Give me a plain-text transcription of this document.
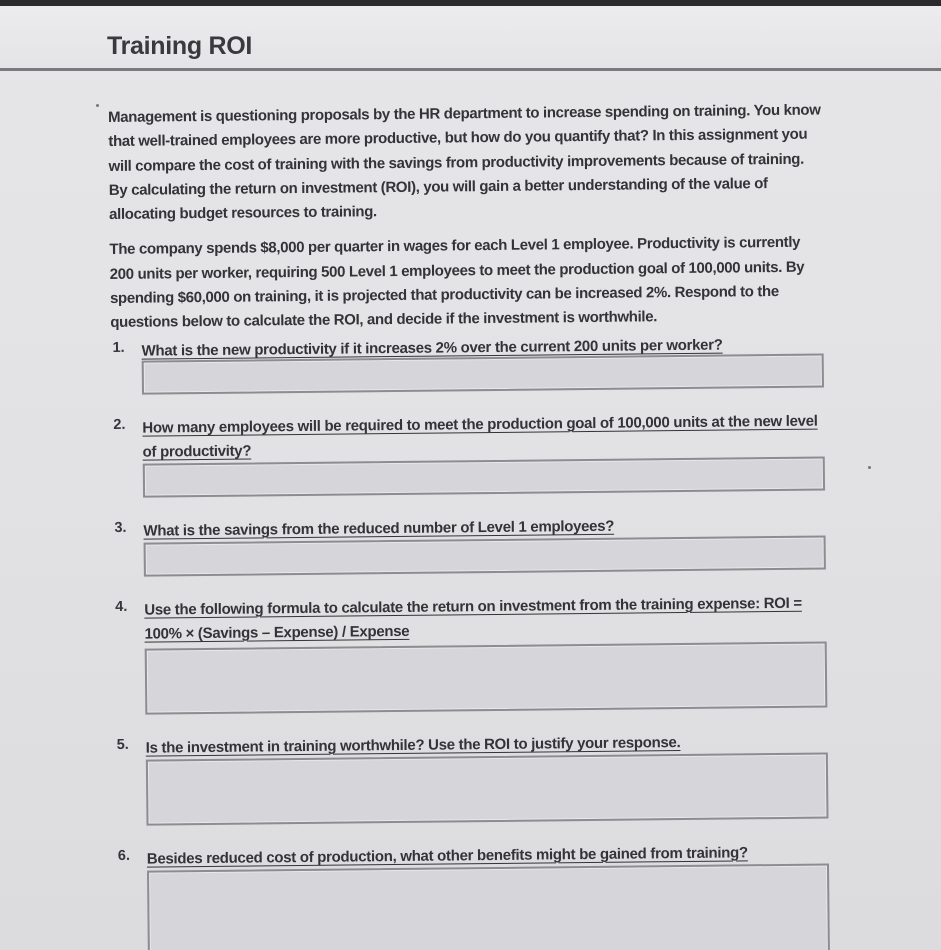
Training ROI

Management is questioning proposals by the HR department to increase spending on training. You know that well-trained employees are more productive, but how do you quantify that? In this assignment you will compare the cost of training with the savings from productivity improvements because of training. By calculating the return on investment (ROI), you will gain a better understanding of the value of allocating budget resources to training.

The company spends $8,000 per quarter in wages for each Level 1 employee. Productivity is currently 200 units per worker, requiring 500 Level 1 employees to meet the production goal of 100,000 units. By spending $60,000 on training, it is projected that productivity can be increased 2%. Respond to the questions below to calculate the ROI, and decide if the investment is worthwhile.

1. What is the new productivity if it increases 2% over the current 200 units per worker?
2. How many employees will be required to meet the production goal of 100,000 units at the new level of productivity?
3. What is the savings from the reduced number of Level 1 employees?
4. Use the following formula to calculate the return on investment from the training expense: ROI = 100% × (Savings – Expense) / Expense
5. Is the investment in training worthwhile? Use the ROI to justify your response.
6. Besides reduced cost of production, what other benefits might be gained from training?
